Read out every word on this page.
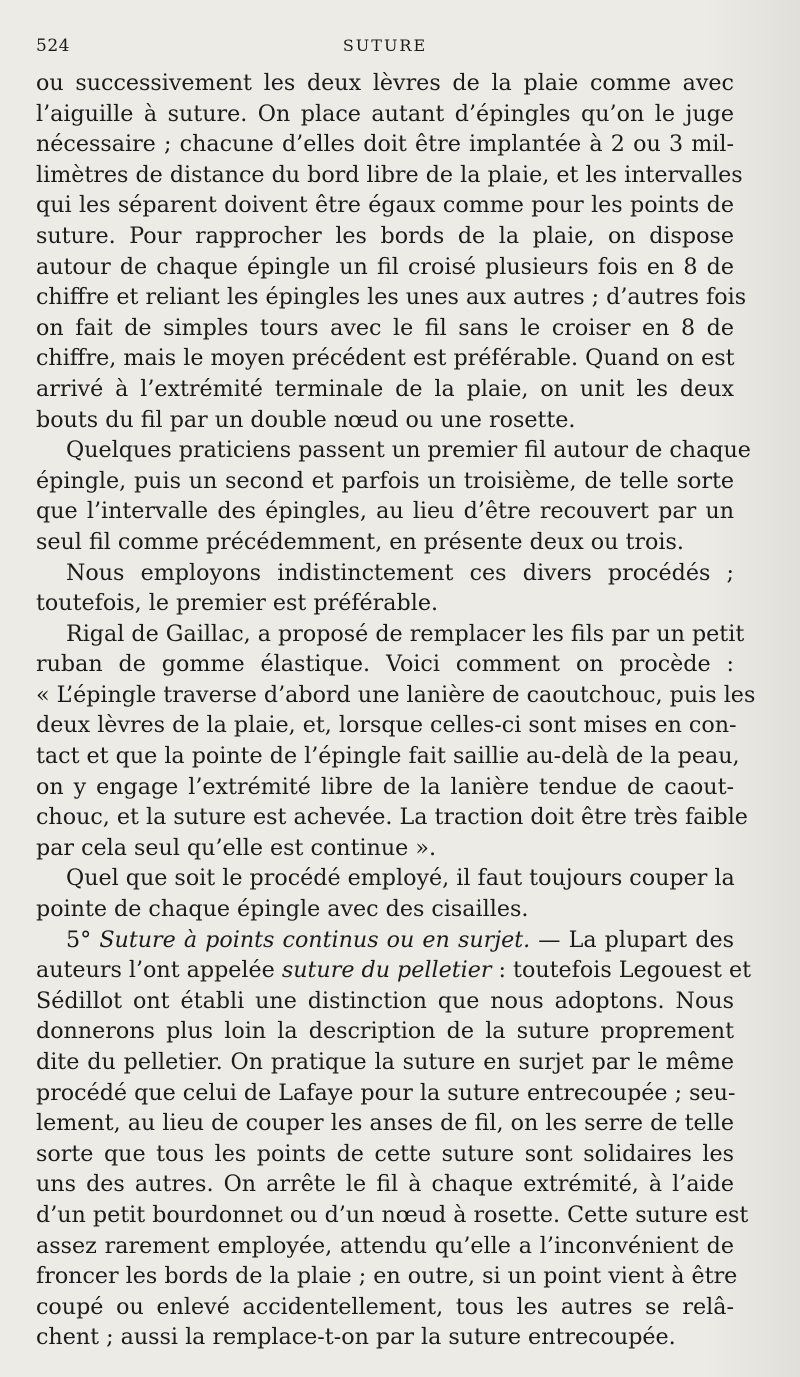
524	SUTURE
ou successivement les deux lèvres de la plaie comme avec
l’aiguille à suture. On place autant d’épingles qu’on le juge
nécessaire ; chacune d’elles doit être implantée à 2 ou 3 mil-
limètres de distance du bord libre de la plaie, et les intervalles
qui les séparent doivent être égaux comme pour les points de
suture. Pour rapprocher les bords de la plaie, on dispose
autour de chaque épingle un fil croisé plusieurs fois en 8 de
chiffre et reliant les épingles les unes aux autres ; d’autres fois
on fait de simples tours avec le fil sans le croiser en 8 de
chiffre, mais le moyen précédent est préférable. Quand on est
arrivé à l’extrémité terminale de la plaie, on unit les deux
bouts du fil par un double nœud ou une rosette.
Quelques praticiens passent un premier fil autour de chaque
épingle, puis un second et parfois un troisième, de telle sorte
que l’intervalle des épingles, au lieu d’être recouvert par un
seul fil comme précédemment, en présente deux ou trois.
Nous employons indistinctement ces divers procédés ;
toutefois, le premier est préférable.
Rigal de Gaillac, a proposé de remplacer les fils par un petit
ruban de gomme élastique. Voici comment on procède :
« L’épingle traverse d’abord une lanière de caoutchouc, puis les
deux lèvres de la plaie, et, lorsque celles-ci sont mises en con-
tact et que la pointe de l’épingle fait saillie au-delà de la peau,
on y engage l’extrémité libre de la lanière tendue de caout-
chouc, et la suture est achevée. La traction doit être très faible
par cela seul qu’elle est continue ».
Quel que soit le procédé employé, il faut toujours couper la
pointe de chaque épingle avec des cisailles.
5° Suture à points continus ou en surjet. — La plupart des
auteurs l’ont appelée suture du pelletier : toutefois Legouest et
Sédillot ont établi une distinction que nous adoptons. Nous
donnerons plus loin la description de la suture proprement
dite du pelletier. On pratique la suture en surjet par le même
procédé que celui de Lafaye pour la suture entrecoupée ; seu-
lement, au lieu de couper les anses de fil, on les serre de telle
sorte que tous les points de cette suture sont solidaires les
uns des autres. On arrête le fil à chaque extrémité, à l’aide
d’un petit bourdonnet ou d’un nœud à rosette. Cette suture est
assez rarement employée, attendu qu’elle a l’inconvénient de
froncer les bords de la plaie ; en outre, si un point vient à être
coupé ou enlevé accidentellement, tous les autres se relâ-
chent ; aussi la remplace-t-on par la suture entrecoupée.
